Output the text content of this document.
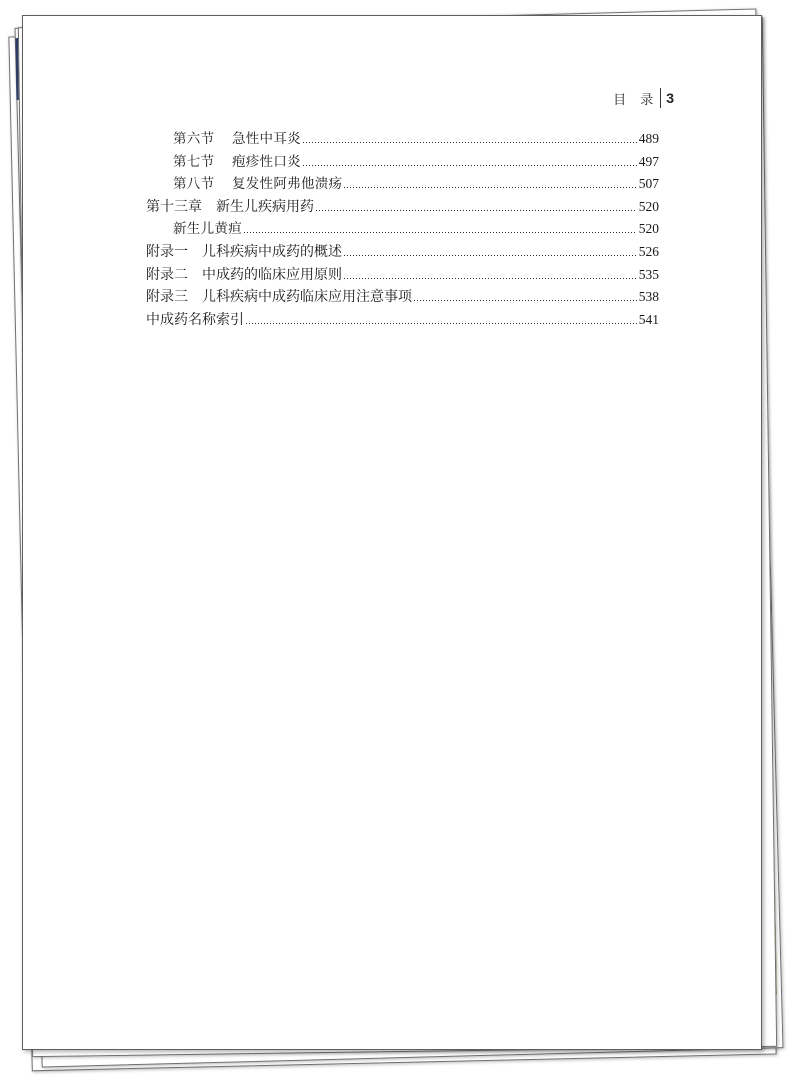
目 录 3
第六节 急性中耳炎	489
第七节 疱疹性口炎	497
第八节 复发性阿弗他溃疡	507
第十三章 新生儿疾病用药	520
新生儿黄疸	520
附录一 儿科疾病中成药的概述	526
附录二 中成药的临床应用原则	535
附录三 儿科疾病中成药临床应用注意事项	538
中成药名称索引	541
